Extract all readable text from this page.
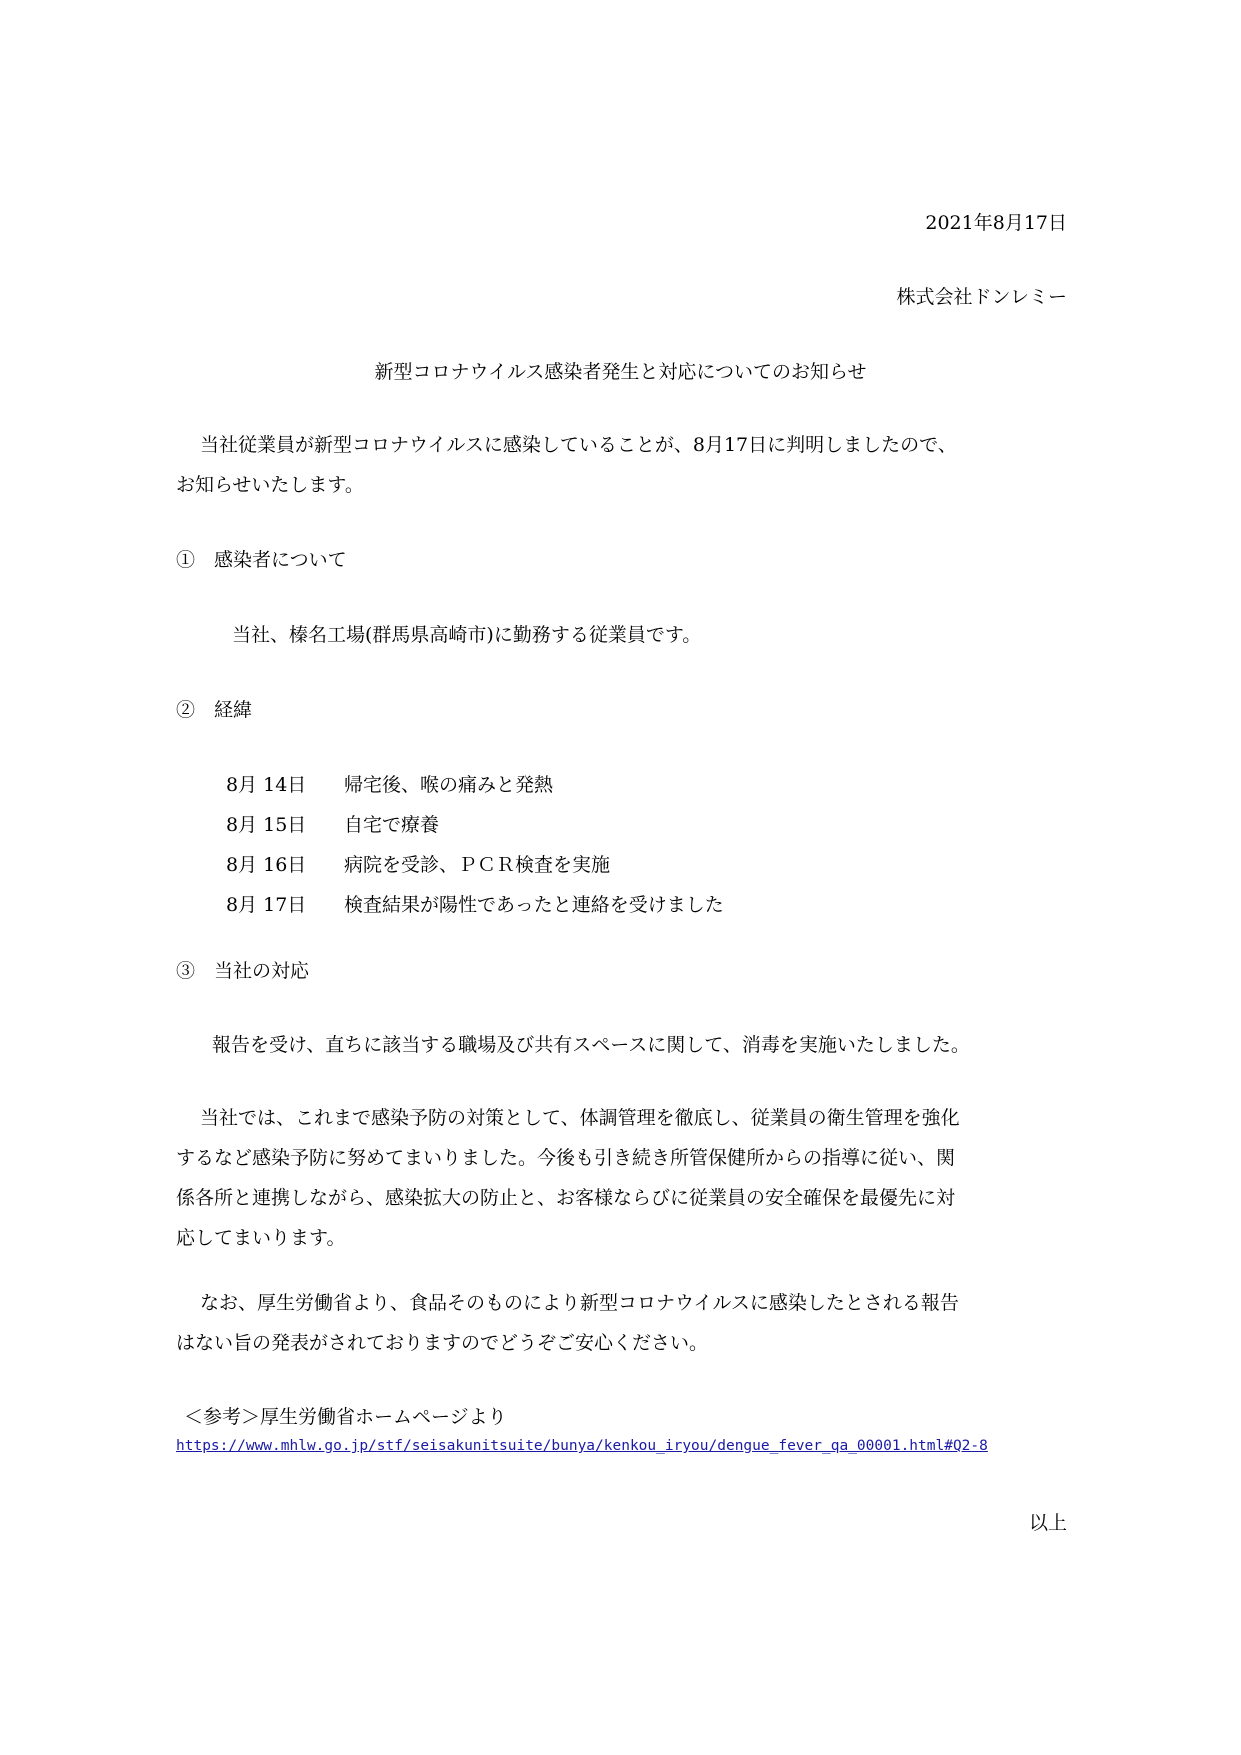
2021年8月17日
株式会社ドンレミー
新型コロナウイルス感染者発生と対応についてのお知らせ
当社従業員が新型コロナウイルスに感染していることが、8月17日に判明しましたので、
お知らせいたします。
①　感染者について
当社、榛名工場(群馬県高崎市)に勤務する従業員です。
②　経緯
8月 14日 帰宅後、喉の痛みと発熱
8月 15日 自宅で療養
8月 16日 病院を受診、ＰＣＲ検査を実施
8月 17日 検査結果が陽性であったと連絡を受けました
③　当社の対応
報告を受け、直ちに該当する職場及び共有スペースに関して、消毒を実施いたしました。
当社では、これまで感染予防の対策として、体調管理を徹底し、従業員の衛生管理を強化
するなど感染予防に努めてまいりました。今後も引き続き所管保健所からの指導に従い、関
係各所と連携しながら、感染拡大の防止と、お客様ならびに従業員の安全確保を最優先に対
応してまいります。
なお、厚生労働省より、食品そのものにより新型コロナウイルスに感染したとされる報告
はない旨の発表がされておりますのでどうぞご安心ください。
＜参考＞厚生労働省ホームページより
https://www.mhlw.go.jp/stf/seisakunitsuite/bunya/kenkou_iryou/dengue_fever_qa_00001.html#Q2-8
以上
